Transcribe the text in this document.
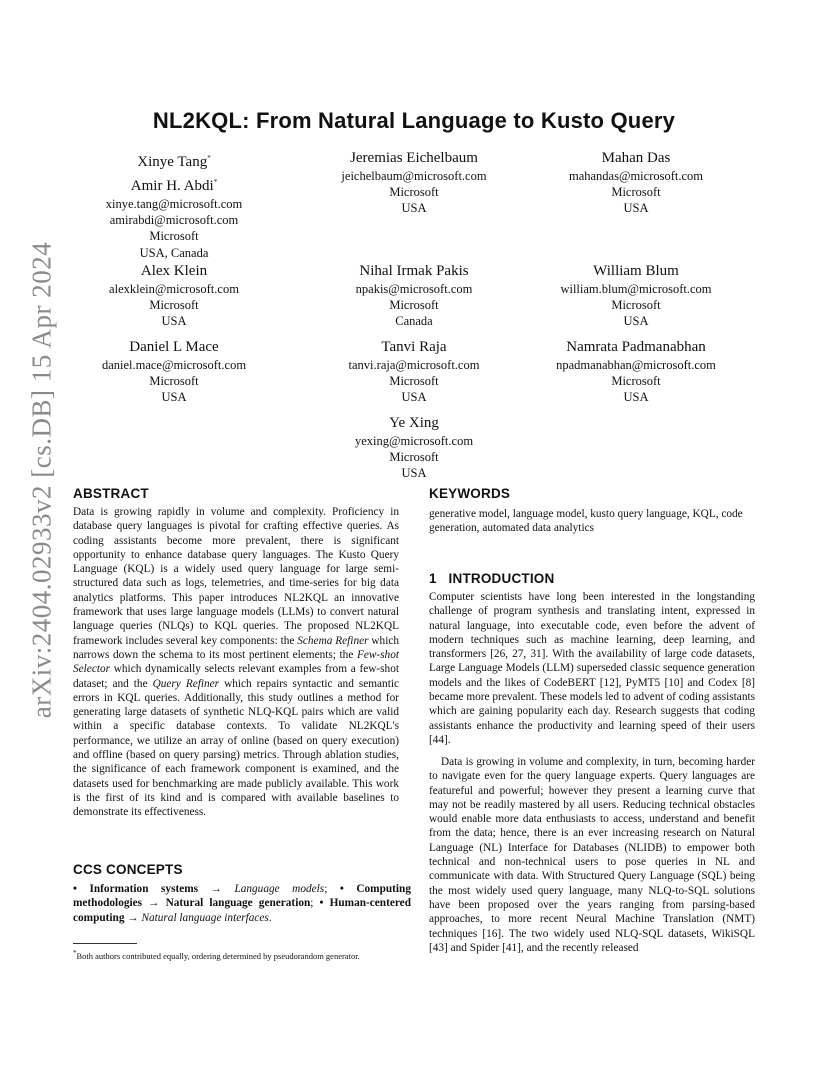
arXiv:2404.02933v2 [cs.DB] 15 Apr 2024
NL2KQL: From Natural Language to Kusto Query
Xinye Tang*
Amir H. Abdi*
xinye.tang@microsoft.com
amirabdi@microsoft.com
Microsoft
USA, Canada
Jeremias Eichelbaum
jeichelbaum@microsoft.com
Microsoft
USA
Mahan Das
mahandas@microsoft.com
Microsoft
USA
Alex Klein
alexklein@microsoft.com
Microsoft
USA
Nihal Irmak Pakis
npakis@microsoft.com
Microsoft
Canada
William Blum
william.blum@microsoft.com
Microsoft
USA
Daniel L Mace
daniel.mace@microsoft.com
Microsoft
USA
Tanvi Raja
tanvi.raja@microsoft.com
Microsoft
USA
Namrata Padmanabhan
npadmanabhan@microsoft.com
Microsoft
USA
Ye Xing
yexing@microsoft.com
Microsoft
USA
ABSTRACT
Data is growing rapidly in volume and complexity. Proficiency in database query languages is pivotal for crafting effective queries. As coding assistants become more prevalent, there is significant opportunity to enhance database query languages. The Kusto Query Language (KQL) is a widely used query language for large semi-structured data such as logs, telemetries, and time-series for big data analytics platforms. This paper introduces NL2KQL an innovative framework that uses large language models (LLMs) to convert natural language queries (NLQs) to KQL queries. The proposed NL2KQL framework includes several key components: the Schema Refiner which narrows down the schema to its most pertinent elements; the Few-shot Selector which dynamically selects relevant examples from a few-shot dataset; and the Query Refiner which repairs syntactic and semantic errors in KQL queries. Additionally, this study outlines a method for generating large datasets of synthetic NLQ-KQL pairs which are valid within a specific database contexts. To validate NL2KQL's performance, we utilize an array of online (based on query execution) and offline (based on query parsing) metrics. Through ablation studies, the significance of each framework component is examined, and the datasets used for benchmarking are made publicly available. This work is the first of its kind and is compared with available baselines to demonstrate its effectiveness.
CCS CONCEPTS
• Information systems → Language models; • Computing methodologies → Natural language generation; • Human-centered computing → Natural language interfaces.
*Both authors contributed equally, ordering determined by pseudorandom generator.
KEYWORDS
generative model, language model, kusto query language, KQL, code generation, automated data analytics
1   INTRODUCTION
Computer scientists have long been interested in the longstanding challenge of program synthesis and translating intent, expressed in natural language, into executable code, even before the advent of modern techniques such as machine learning, deep learning, and transformers [26, 27, 31]. With the availability of large code datasets, Large Language Models (LLM) superseded classic sequence generation models and the likes of CodeBERT [12], PyMT5 [10] and Codex [8] became more prevalent. These models led to advent of coding assistants which are gaining popularity each day. Research suggests that coding assistants enhance the productivity and learning speed of their users [44].
Data is growing in volume and complexity, in turn, becoming harder to navigate even for the query language experts. Query languages are featureful and powerful; however they present a learning curve that may not be readily mastered by all users. Reducing technical obstacles would enable more data enthusiasts to access, understand and benefit from the data; hence, there is an ever increasing research on Natural Language (NL) Interface for Databases (NLIDB) to empower both technical and non-technical users to pose queries in NL and communicate with data. With Structured Query Language (SQL) being the most widely used query language, many NLQ-to-SQL solutions have been proposed over the years ranging from parsing-based approaches, to more recent Neural Machine Translation (NMT) techniques [16]. The two widely used NLQ-SQL datasets, WikiSQL [43] and Spider [41], and the recently released
